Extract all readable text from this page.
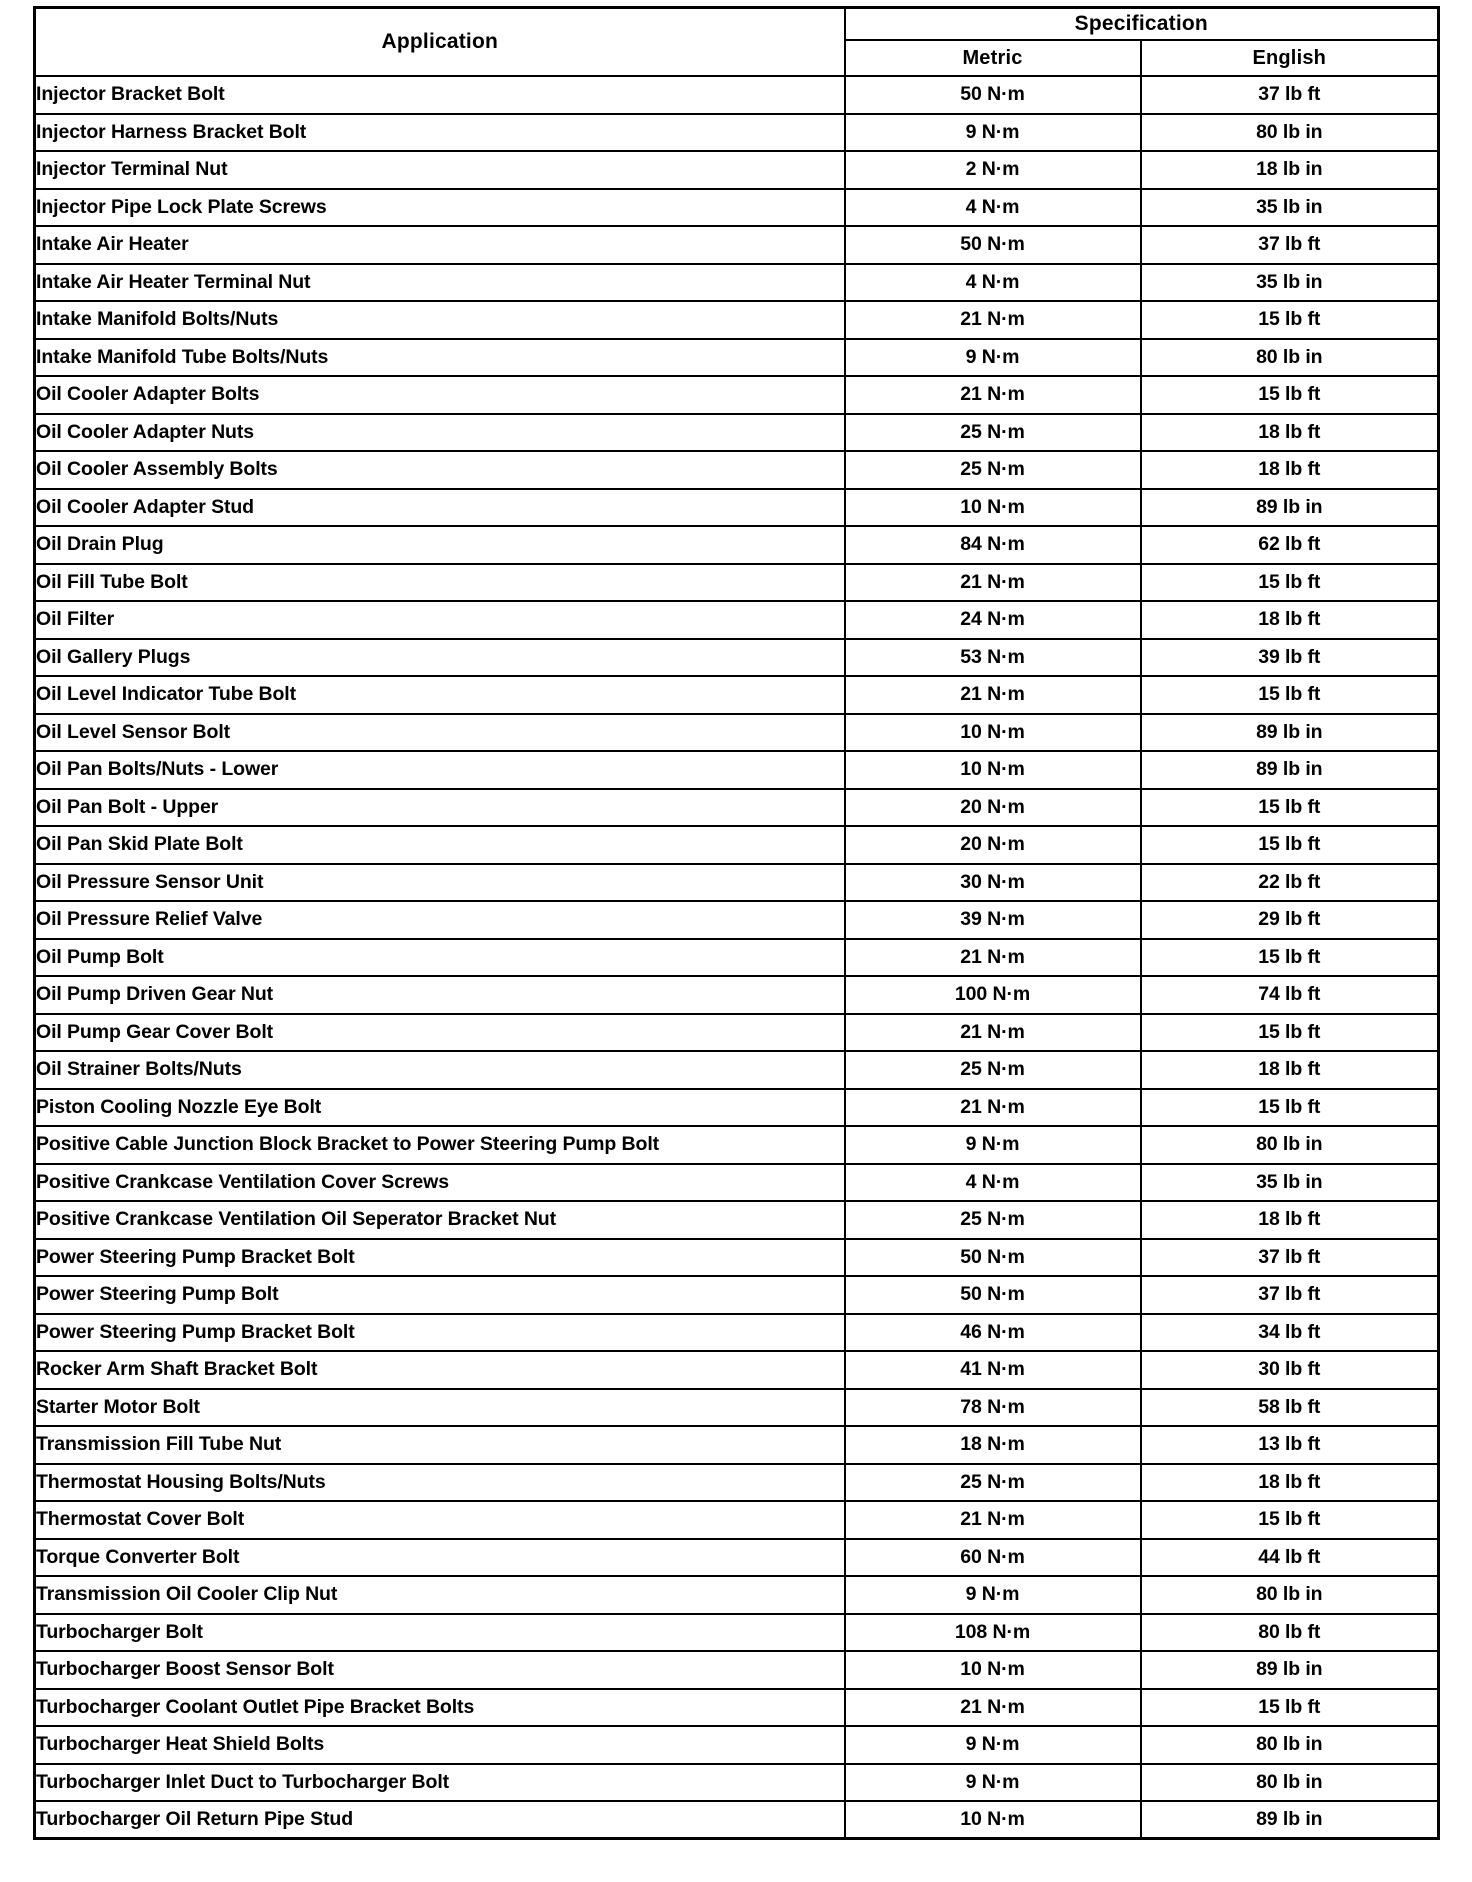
Application	Specification	
	Metric	English
Injector Bracket Bolt	50 N·m	37 lb ft
Injector Harness Bracket Bolt	9 N·m	80 lb in
Injector Terminal Nut	2 N·m	18 lb in
Injector Pipe Lock Plate Screws	4 N·m	35 lb in
Intake Air Heater	50 N·m	37 lb ft
Intake Air Heater Terminal Nut	4 N·m	35 lb in
Intake Manifold Bolts/Nuts	21 N·m	15 lb ft
Intake Manifold Tube Bolts/Nuts	9 N·m	80 lb in
Oil Cooler Adapter Bolts	21 N·m	15 lb ft
Oil Cooler Adapter Nuts	25 N·m	18 lb ft
Oil Cooler Assembly Bolts	25 N·m	18 lb ft
Oil Cooler Adapter Stud	10 N·m	89 lb in
Oil Drain Plug	84 N·m	62 lb ft
Oil Fill Tube Bolt	21 N·m	15 lb ft
Oil Filter	24 N·m	18 lb ft
Oil Gallery Plugs	53 N·m	39 lb ft
Oil Level Indicator Tube Bolt	21 N·m	15 lb ft
Oil Level Sensor Bolt	10 N·m	89 lb in
Oil Pan Bolts/Nuts - Lower	10 N·m	89 lb in
Oil Pan Bolt - Upper	20 N·m	15 lb ft
Oil Pan Skid Plate Bolt	20 N·m	15 lb ft
Oil Pressure Sensor Unit	30 N·m	22 lb ft
Oil Pressure Relief Valve	39 N·m	29 lb ft
Oil Pump Bolt	21 N·m	15 lb ft
Oil Pump Driven Gear Nut	100 N·m	74 lb ft
Oil Pump Gear Cover Bolt	21 N·m	15 lb ft
Oil Strainer Bolts/Nuts	25 N·m	18 lb ft
Piston Cooling Nozzle Eye Bolt	21 N·m	15 lb ft
Positive Cable Junction Block Bracket to Power Steering Pump Bolt	9 N·m	80 lb in
Positive Crankcase Ventilation Cover Screws	4 N·m	35 lb in
Positive Crankcase Ventilation Oil Seperator Bracket Nut	25 N·m	18 lb ft
Power Steering Pump Bracket Bolt	50 N·m	37 lb ft
Power Steering Pump Bolt	50 N·m	37 lb ft
Power Steering Pump Bracket Bolt	46 N·m	34 lb ft
Rocker Arm Shaft Bracket Bolt	41 N·m	30 lb ft
Starter Motor Bolt	78 N·m	58 lb ft
Transmission Fill Tube Nut	18 N·m	13 lb ft
Thermostat Housing Bolts/Nuts	25 N·m	18 lb ft
Thermostat Cover Bolt	21 N·m	15 lb ft
Torque Converter Bolt	60 N·m	44 lb ft
Transmission Oil Cooler Clip Nut	9 N·m	80 lb in
Turbocharger Bolt	108 N·m	80 lb ft
Turbocharger Boost Sensor Bolt	10 N·m	89 lb in
Turbocharger Coolant Outlet Pipe Bracket Bolts	21 N·m	15 lb ft
Turbocharger Heat Shield Bolts	9 N·m	80 lb in
Turbocharger Inlet Duct to Turbocharger Bolt	9 N·m	80 lb in
Turbocharger Oil Return Pipe Stud	10 N·m	89 lb in
